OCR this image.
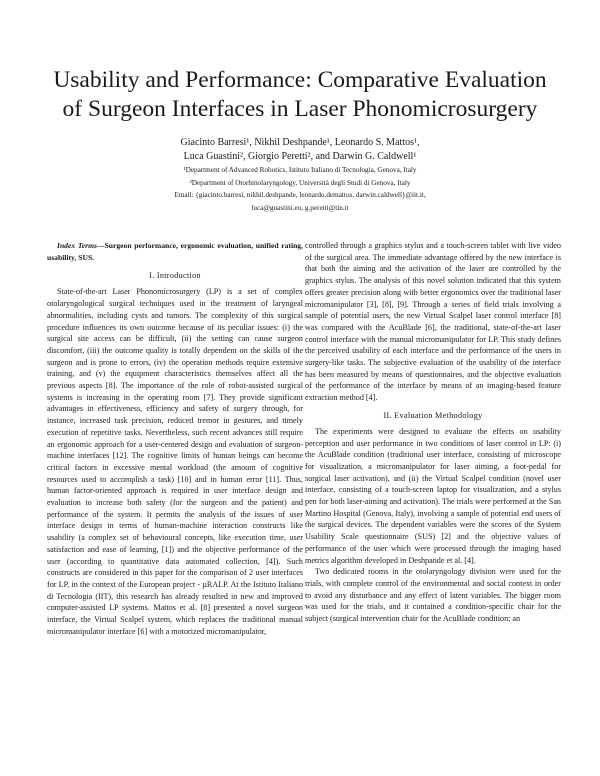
Usability and Performance: Comparative Evaluation
of Surgeon Interfaces in Laser Phonomicrosurgery
Giacinto Barresi¹, Nikhil Deshpande¹, Leonardo S. Mattos¹,
Luca Guastini², Giorgio Peretti², and Darwin G. Caldwell¹
¹Department of Advanced Robotics, Istituto Italiano di Tecnologia, Genova, Italy
²Department of Otorhinolaryngology, Università degli Studi di Genova, Italy
Email: {giacinto.barresi, nikhil.deshpande, leonardo.demattos, darwin.caldwell}@iit.it,
luca@guastini.eu, g.peretti@tin.it

Index Terms—Surgeon performance, ergonomic evaluation, unified rating, usability, SUS.

I. Introduction

State-of-the-art Laser Phonomicrosurgery (LP) is a set of complex otolaryngological surgical techniques used in the treatment of laryngeal abnormalities, including cysts and tumors. The complexity of this surgical procedure influences its own outcome because of its peculiar issues: (i) the surgical site access can be difficult, (ii) the setting can cause surgeon discomfort, (iii) the outcome quality is totally dependent on the skills of the surgeon and is prone to errors, (iv) the operation methods require extensive training, and (v) the equipment characteristics themselves affect all the previous aspects [8]. The importance of the role of robot-assisted surgical systems is increasing in the operating room [7]. They provide significant advantages in effectiveness, efficiency and safety of surgery through, for instance, increased task precision, reduced tremor in gestures, and timely execution of repetitive tasks. Nevertheless, such recent advances still require an ergonomic approach for a user-centered design and evaluation of surgeon-machine interfaces [12]. The cognitive limits of human beings can become critical factors in excessive mental workload (the amount of cognitive resources used to accomplish a task) [10] and in human error [11]. Thus, human factor-oriented approach is required in user interface design and evaluation to increase both safety (for the surgeon and the patient) and performance of the system. It permits the analysis of the issues of user interface design in terms of human-machine interaction constructs like usability (a complex set of behavioural concepts, like execution time, user satisfaction and ease of learning, [1]) and the objective performance of the user (according to quantitative data automated collection, [4]). Such constructs are considered in this paper for the comparison of 2 user interfaces for LP, in the context of the European project - µRALP. At the Istituto Italiano di Tecnologia (IIT), this research has already resulted in new and improved computer-assisted LP systems. Mattos et al. [8] presented a novel surgeon interface, the Virtual Scalpel system, which replaces the traditional manual micromanipulator interface [6] with a motorized micromanipulator,

controlled through a graphics stylus and a touch-screen tablet with live video of the surgical area. The immediate advantage offered by the new interface is that both the aiming and the activation of the laser are controlled by the graphics stylus. The analysis of this novel solution indicated that this system offers greater precision along with better ergonomics over the traditional laser micromanipulator [3], [8], [9]. Through a series of field trials involving a sample of potential users, the new Virtual Scalpel laser control interface [8] was compared with the AcuBlade [6], the traditional, state-of-the-art laser control interface with the manual micromanipulator for LP. This study defines the perceived usability of each interface and the performance of the users in surgery-like tasks. The subjective evaluation of the usability of the interface has been measured by means of questionnaires, and the objective evaluation of the performance of the interface by means of an imaging-based feature extraction method [4].

II. Evaluation Methodology

The experiments were designed to evaluate the effects on usability perception and user performance in two conditions of laser control in LP: (i) the AcuBlade condition (traditional user interface, consisting of microscope for visualization, a micromanipulator for laser aiming, a foot-pedal for surgical laser activation), and (ii) the Virtual Scalpel condition (novel user interface, consisting of a touch-screen laptop for visualization, and a stylus pen for both laser-aiming and activation). The trials were performed at the San Martino Hospital (Genova, Italy), involving a sample of potential end users of the surgical devices. The dependent variables were the scores of the System Usability Scale questionnaire (SUS) [2] and the objective values of performance of the user which were processed through the imaging based metrics algorithm developed in Deshpande et al. [4].

Two dedicated rooms in the otolaryngology division were used for the trials, with complete control of the environmental and social context in order to avoid any disturbance and any effect of latent variables. The bigger room was used for the trials, and it contained a condition-specific chair for the subject (surgical intervention chair for the AcuBlade condition; an
